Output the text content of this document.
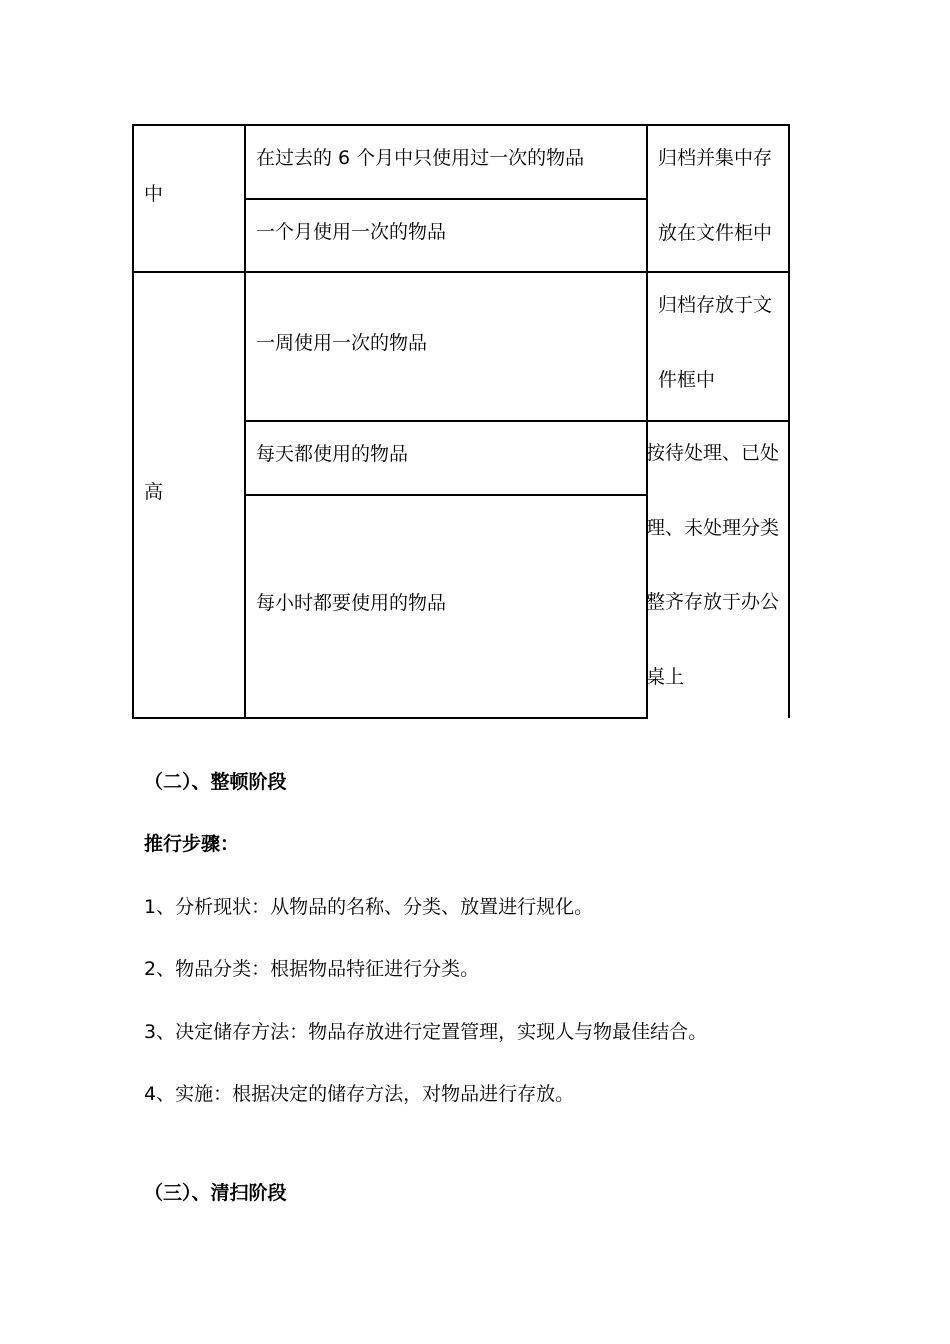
中
在过去的 6 个月中只使用过一次的物品
一个月使用一次的物品
归档并集中存
放在文件柜中
高
一周使用一次的物品
每天都使用的物品
每小时都要使用的物品
归档存放于文
件框中
按待处理、已处
理、未处理分类
整齐存放于办公
桌上
（二）、整顿阶段
推行步骤：
1、分析现状：从物品的名称、分类、放置进行规化。
2、物品分类：根据物品特征进行分类。
3、决定储存方法：物品存放进行定置管理，实现人与物最佳结合。
4、实施：根据决定的储存方法，对物品进行存放。
（三）、清扫阶段
